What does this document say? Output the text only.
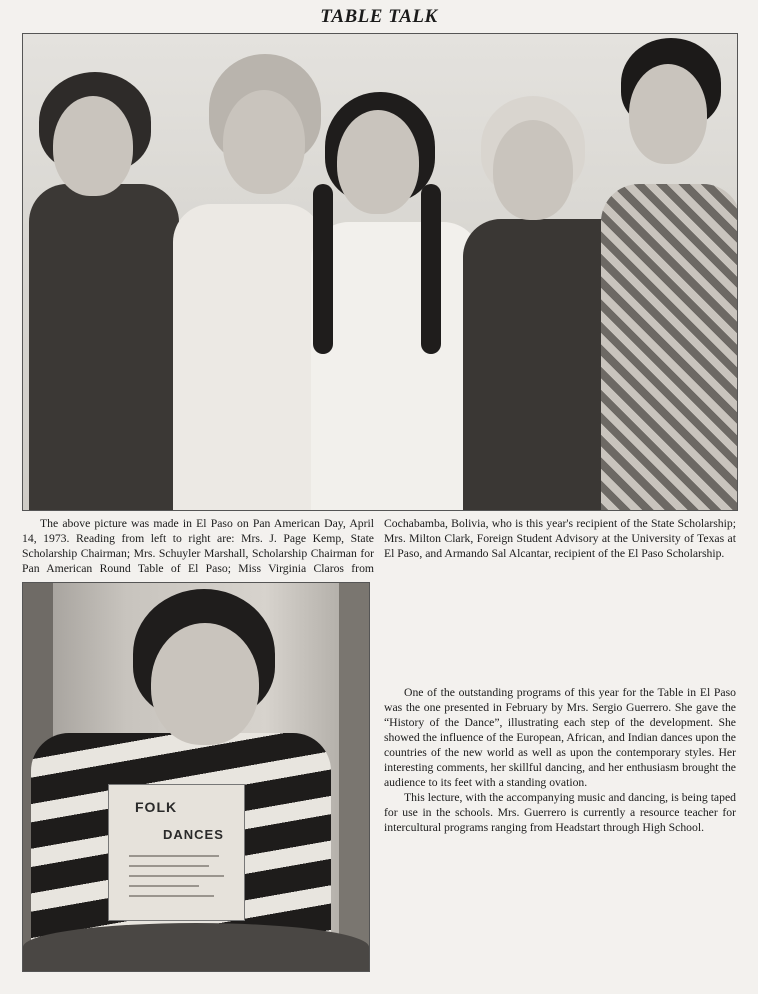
TABLE TALK

The above picture was made in El Paso on Pan American Day, April 14, 1973. Reading from left to right are: Mrs. J. Page Kemp, State Scholarship Chairman; Mrs. Schuyler Marshall, Scholarship Chairman for Pan American Round Table of El Paso; Miss Virginia Claros from Cochabamba, Bolivia, who is this year's recipient of the State Scholarship; Mrs. Milton Clark, Foreign Student Advisory at the University of Texas at El Paso, and Armando Sal Alcantar, recipient of the El Paso Scholarship.

FOLK
DANCES

One of the outstanding programs of this year for the Table in El Paso was the one presented in February by Mrs. Sergio Guerrero. She gave the “History of the Dance”, illustrating each step of the development. She showed the influence of the European, African, and Indian dances upon the countries of the new world as well as upon the contemporary styles. Her interesting comments, her skillful dancing, and her enthusiasm brought the audience to its feet with a standing ovation.

This lecture, with the accompanying music and dancing, is being taped for use in the schools. Mrs. Guerrero is currently a resource teacher for intercultural programs ranging from Headstart through High School.
